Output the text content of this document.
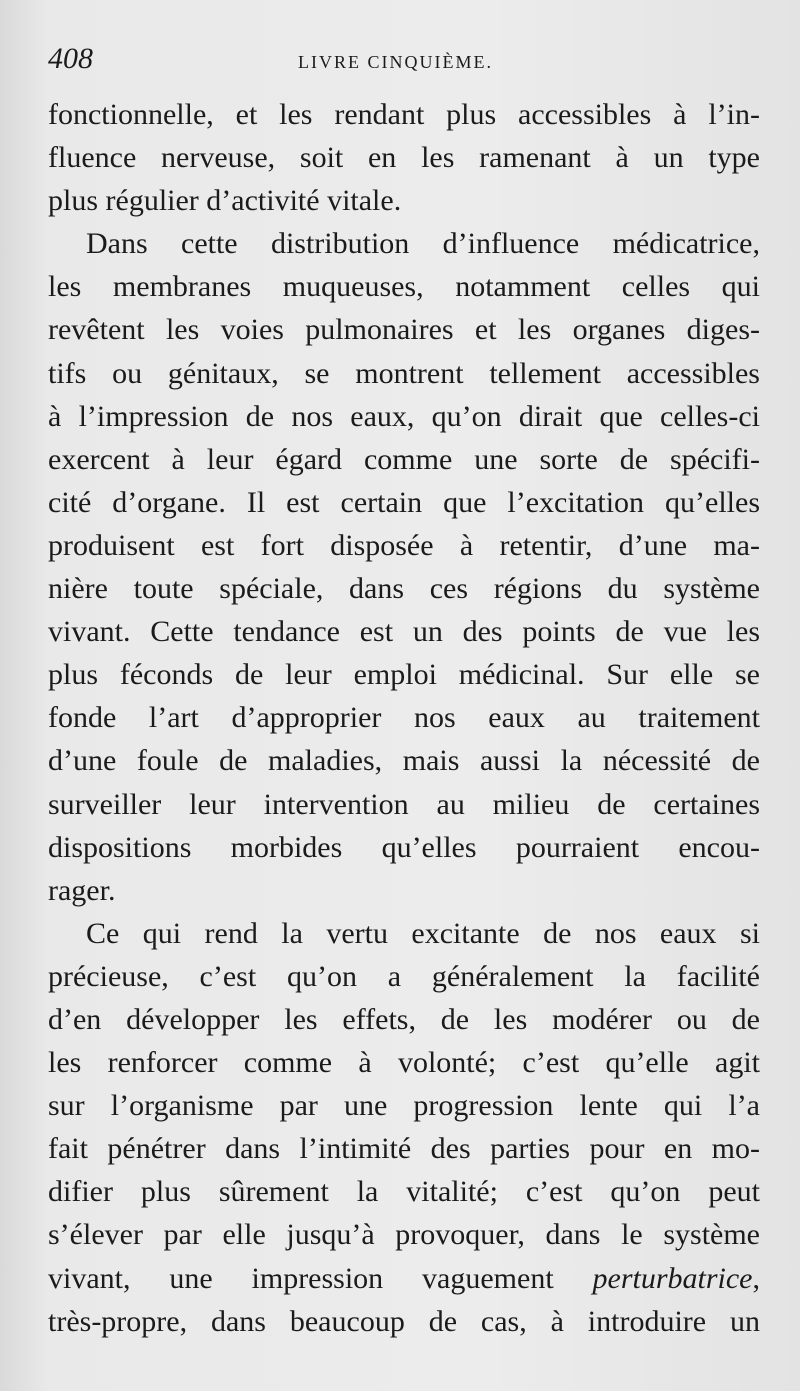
408	LIVRE CINQUIÈME.
fonctionnelle, et les rendant plus accessibles à l’in-
fluence nerveuse, soit en les ramenant à un type
plus régulier d’activité vitale.
Dans cette distribution d’influence médicatrice,
les membranes muqueuses, notamment celles qui
revêtent les voies pulmonaires et les organes diges-
tifs ou génitaux, se montrent tellement accessibles
à l’impression de nos eaux, qu’on dirait que celles-ci
exercent à leur égard comme une sorte de spécifi-
cité d’organe. Il est certain que l’excitation qu’elles
produisent est fort disposée à retentir, d’une ma-
nière toute spéciale, dans ces régions du système
vivant. Cette tendance est un des points de vue les
plus féconds de leur emploi médicinal. Sur elle se
fonde l’art d’approprier nos eaux au traitement
d’une foule de maladies, mais aussi la nécessité de
surveiller leur intervention au milieu de certaines
dispositions morbides qu’elles pourraient encou-
rager.
Ce qui rend la vertu excitante de nos eaux si
précieuse, c’est qu’on a généralement la facilité
d’en développer les effets, de les modérer ou de
les renforcer comme à volonté; c’est qu’elle agit
sur l’organisme par une progression lente qui l’a
fait pénétrer dans l’intimité des parties pour en mo-
difier plus sûrement la vitalité; c’est qu’on peut
s’élever par elle jusqu’à provoquer, dans le système
vivant, une impression vaguement perturbatrice,
très-propre, dans beaucoup de cas, à introduire un
